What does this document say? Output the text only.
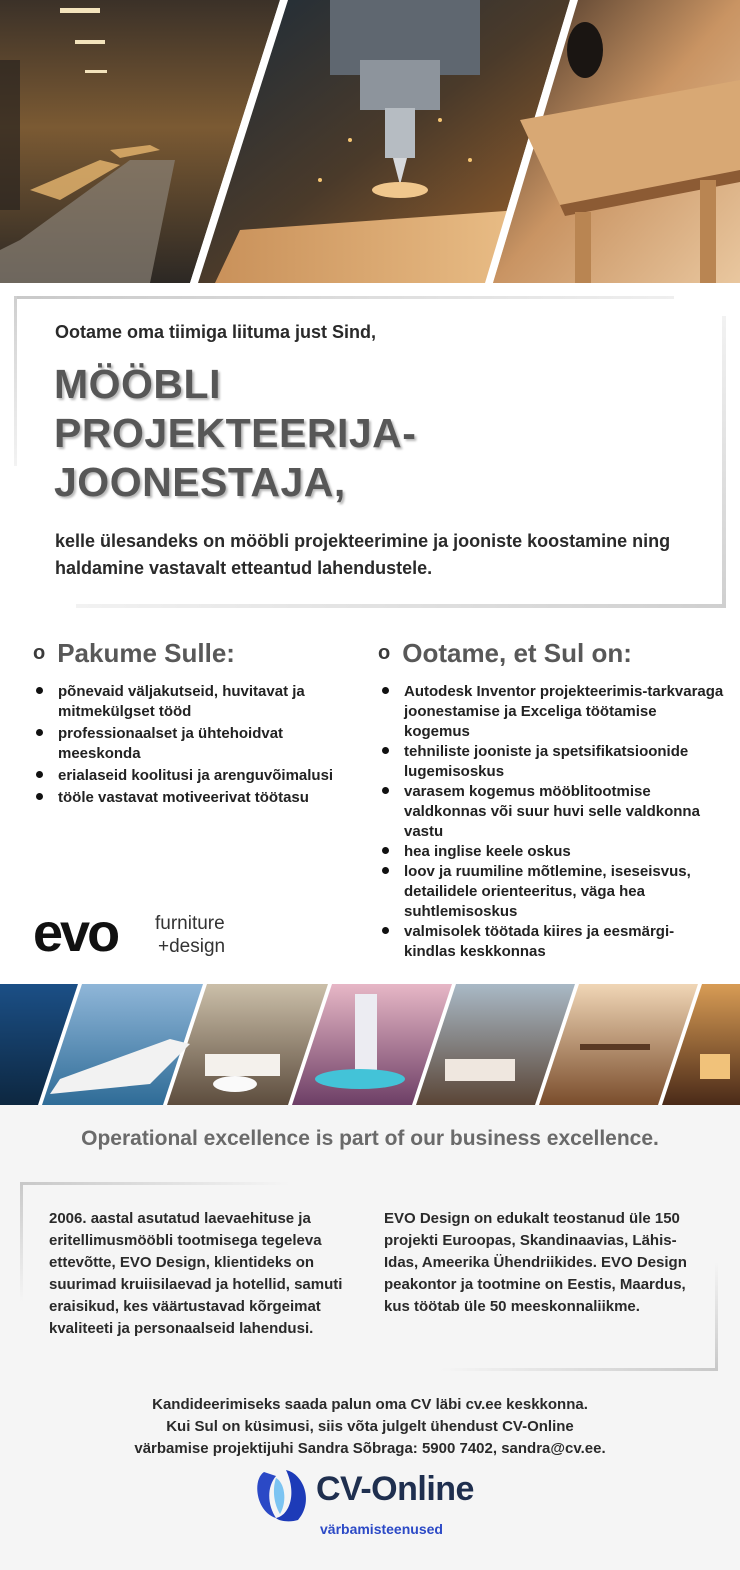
Ootame oma tiimiga liituma just Sind,

MÖÖBLI
PROJEKTEERIJA-
JOONESTAJA,

kelle ülesandeks on mööbli projekteerimine ja jooniste koostamine ning haldamine vastavalt etteantud lahendustele.

o Pakume Sulle:
põnevaid väljakutseid, huvitavat ja mitmekülgset tööd
professionaalset ja ühtehoidvat meeskonda
erialaseid koolitusi ja arenguvõimalusi
tööle vastavat motiveerivat töötasu
o Ootame, et Sul on:
Autodesk Inventor projekteerimis-tarkvaraga joonestamise ja Exceliga töötamise kogemus
tehniliste jooniste ja spetsifikatsioonide lugemisoskus
varasem kogemus mööblitootmise valdkonnas või suur huvi selle valdkonna vastu
hea inglise keele oskus
loov ja ruumiline mõtlemine, iseseisvus, detailidele orienteeritus, väga hea suhtlemisoskus
valmisolek töötada kiires ja eesmärgi-kindlas keskkonnas
evo furniture
+design

Operational excellence is part of our business excellence.

2006. aastal asutatud laevaehituse ja eritellimusmööbli tootmisega tegeleva ettevõtte, EVO Design, klientideks on suurimad kruiisilaevad ja hotellid, samuti eraisikud, kes väärtustavad kõrgeimat kvaliteeti ja personaalseid lahendusi.

EVO Design on edukalt teostanud üle 150 projekti Euroopas, Skandinaavias, Lähis-Idas, Ameerika Ühendriikides. EVO Design peakontor ja tootmine on Eestis, Maardus, kus töötab üle 50 meeskonnaliikme.

Kandideerimiseks saada palun oma CV läbi cv.ee keskkonna.
Kui Sul on küsimusi, siis võta julgelt ühendust CV-Online
värbamise projektijuhi Sandra Sõbraga: 5900 7402, sandra@cv.ee.

CV-Online

värbamisteenused
